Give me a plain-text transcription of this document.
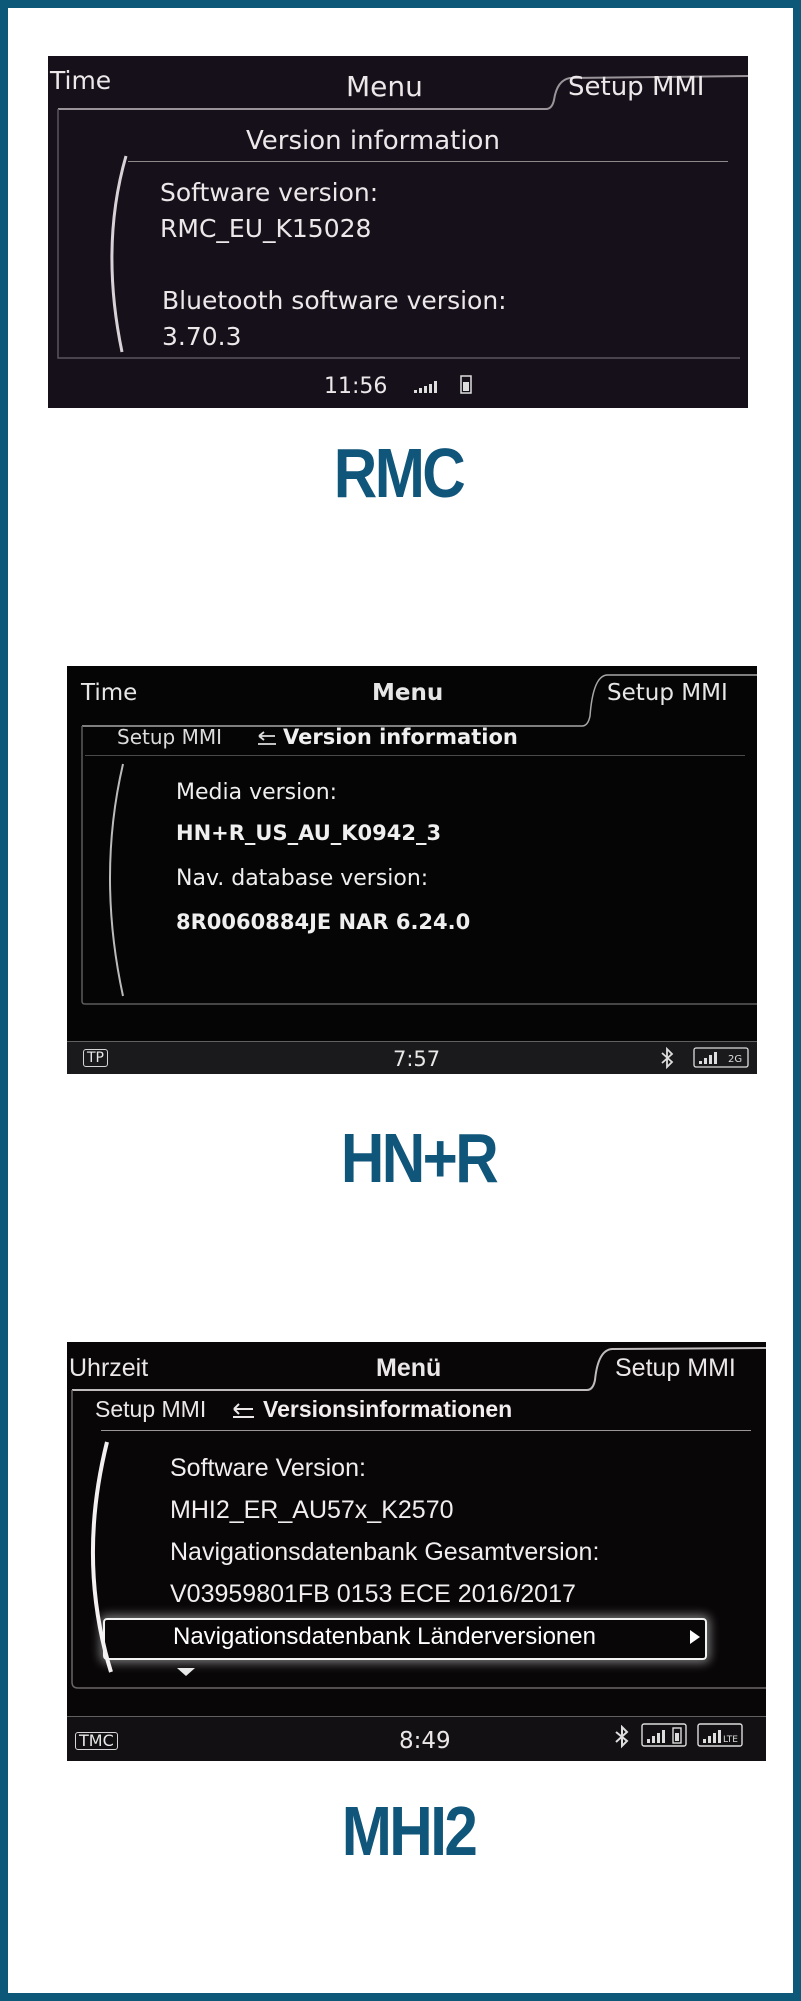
Time	Menu	Setup MMI
Version information
Software version:
RMC_EU_K15028
Bluetooth software version:
3.70.3
11:56
RMC
Time	Menu	Setup MMI
Setup MMI	Version information
Media version:
HN+R_US_AU_K0942_3
Nav. database version:
8R0060884JE NAR 6.24.0
TP	7:57	2G
HN+R
Uhrzeit	Menü	Setup MMI
Setup MMI Versionsinformationen
Software Version:
MHI2_ER_AU57x_K2570
Navigationsdatenbank Gesamtversion:
V03959801FB 0153 ECE 2016/2017
Navigationsdatenbank Länderversionen
TMC	8:49	LTE
MHI2
